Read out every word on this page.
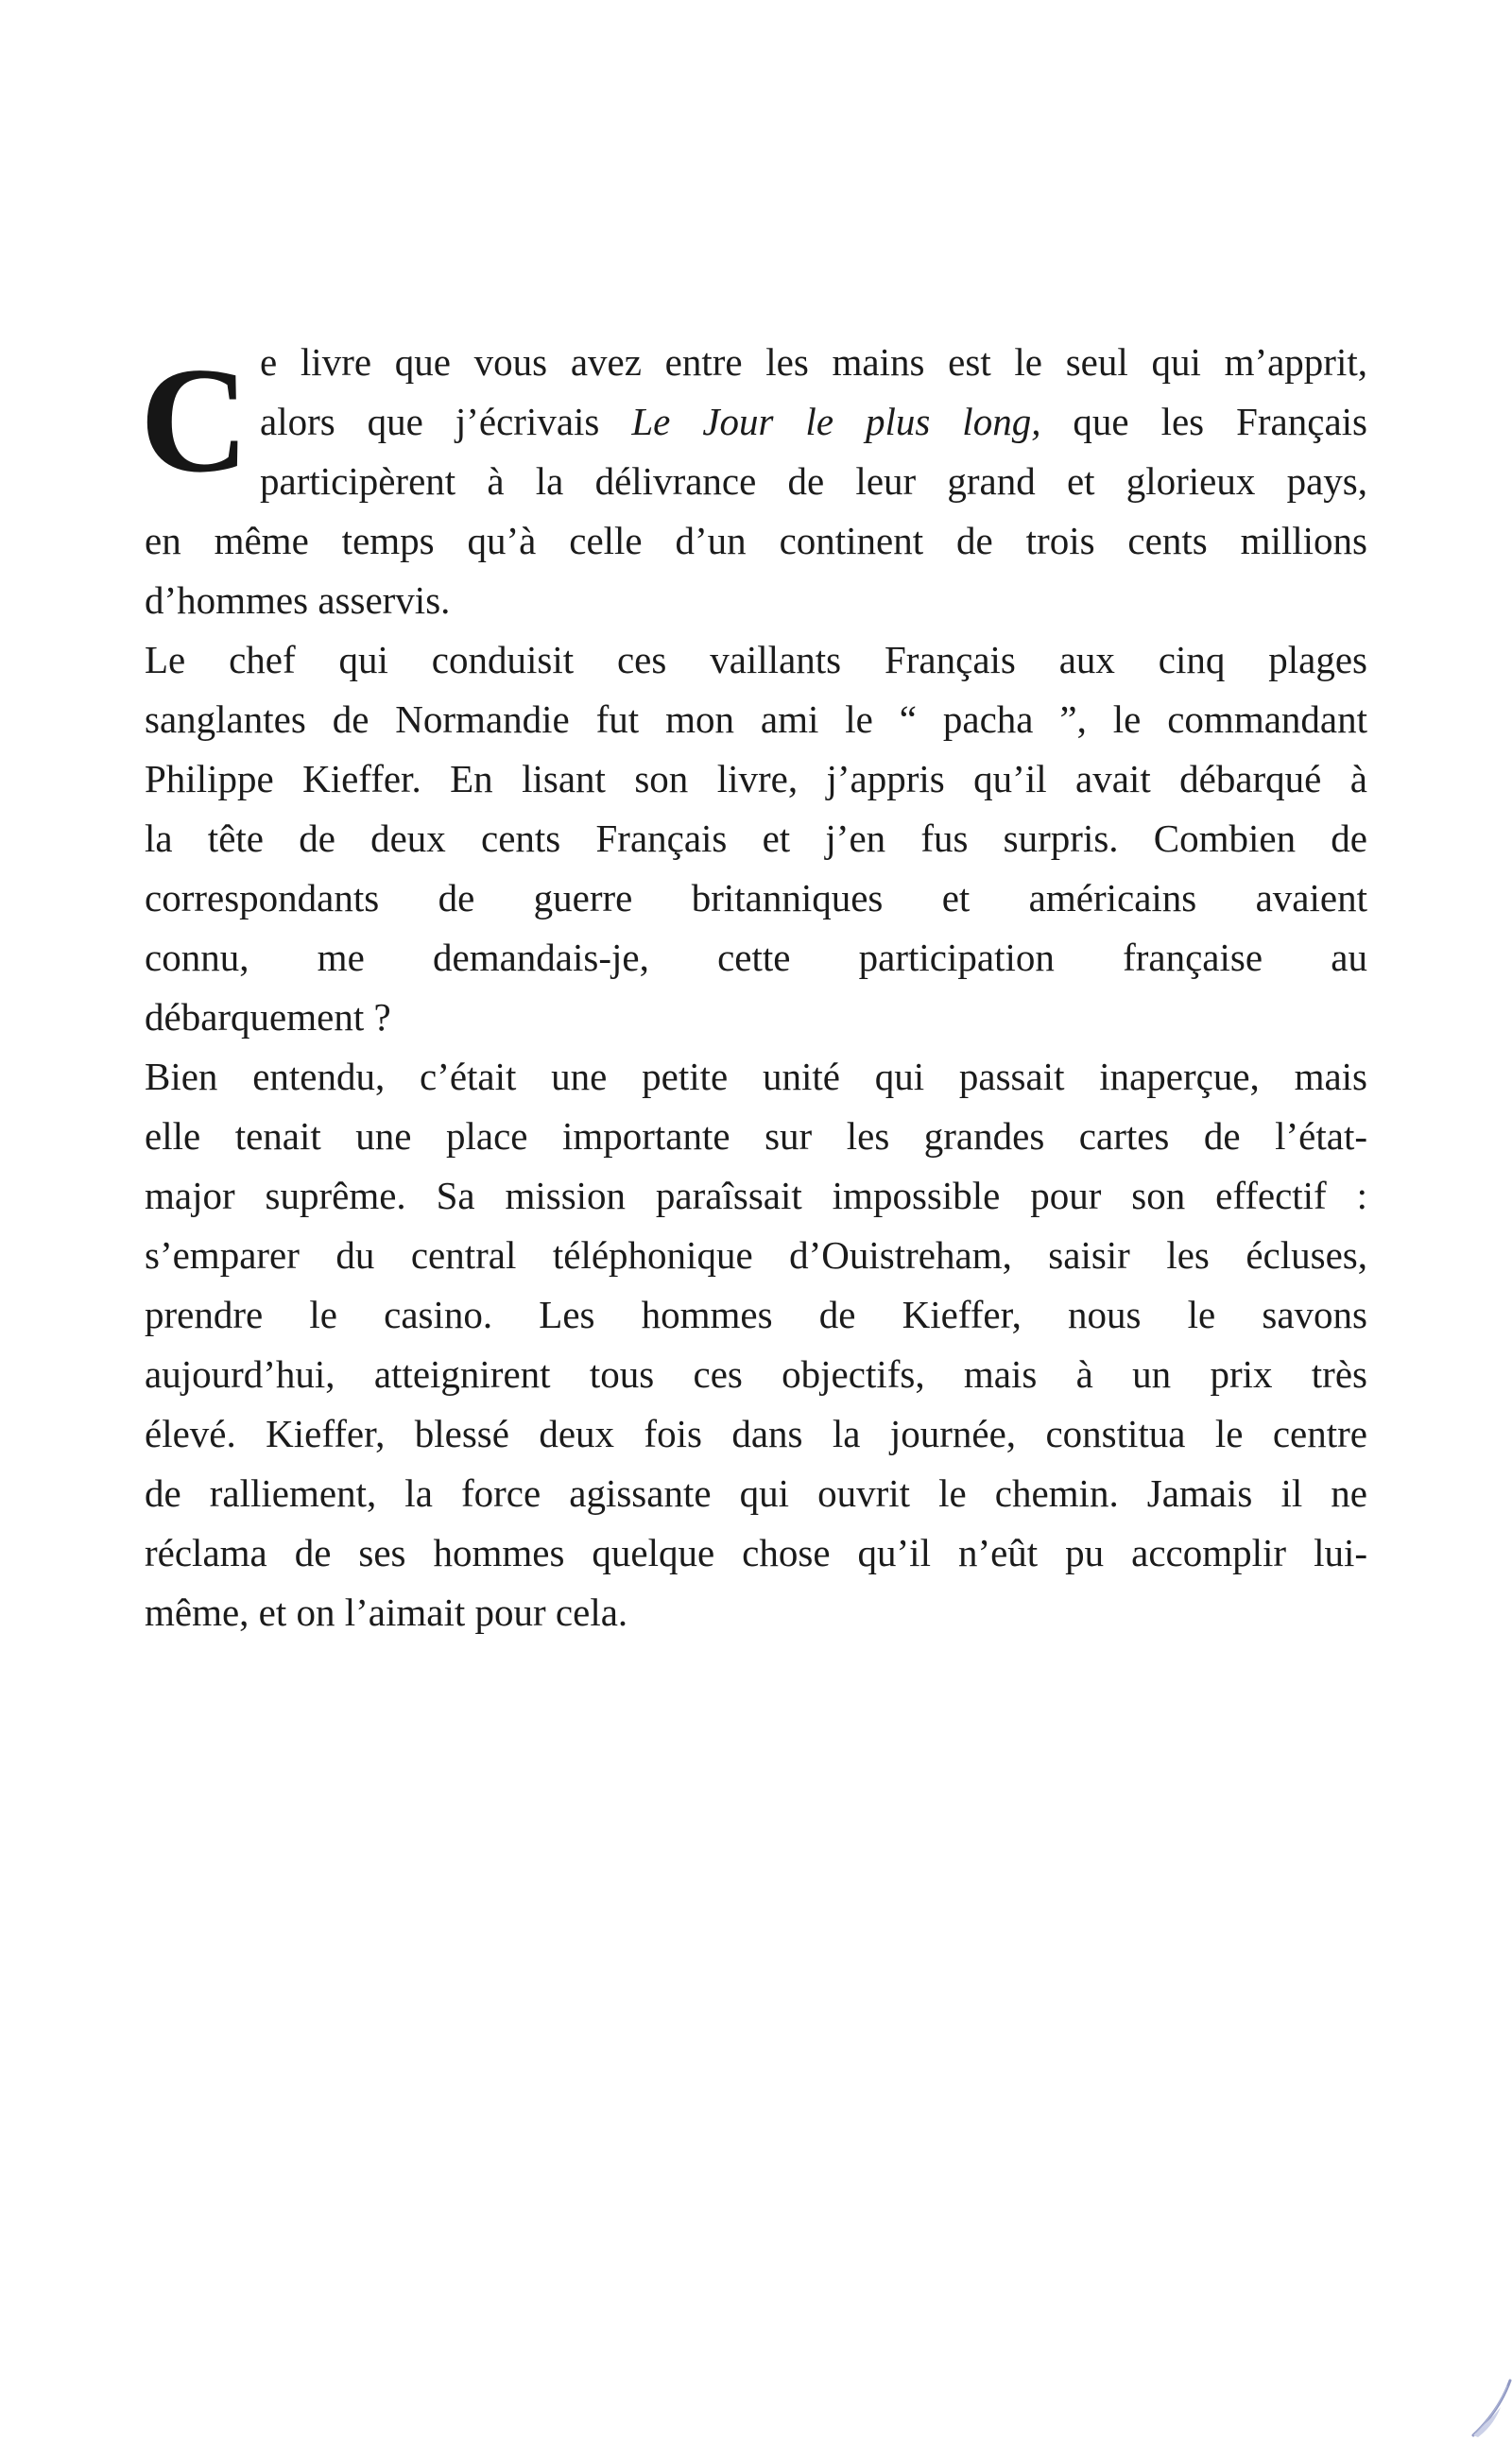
C e livre que vous avez entre les mains est le seul qui m’apprit,
alors que j’écrivais Le Jour le plus long, que les Français
participèrent à la délivrance de leur grand et glorieux pays,
en même temps qu’à celle d’un continent de trois cents millions
d’hommes asservis.
Le chef qui conduisit ces vaillants Français aux cinq plages
sanglantes de Normandie fut mon ami le “ pacha ”, le commandant
Philippe Kieffer. En lisant son livre, j’appris qu’il avait débarqué à
la tête de deux cents Français et j’en fus surpris. Combien de
correspondants de guerre britanniques et américains avaient
connu, me demandais-je, cette participation française au
débarquement ?
Bien entendu, c’était une petite unité qui passait inaperçue, mais
elle tenait une place importante sur les grandes cartes de l’état-
major suprême. Sa mission paraîssait impossible pour son effectif :
s’emparer du central téléphonique d’Ouistreham, saisir les écluses,
prendre le casino. Les hommes de Kieffer, nous le savons
aujourd’hui, atteignirent tous ces objectifs, mais à un prix très
élevé. Kieffer, blessé deux fois dans la journée, constitua le centre
de ralliement, la force agissante qui ouvrit le chemin. Jamais il ne
réclama de ses hommes quelque chose qu’il n’eût pu accomplir lui-
même, et on l’aimait pour cela.
